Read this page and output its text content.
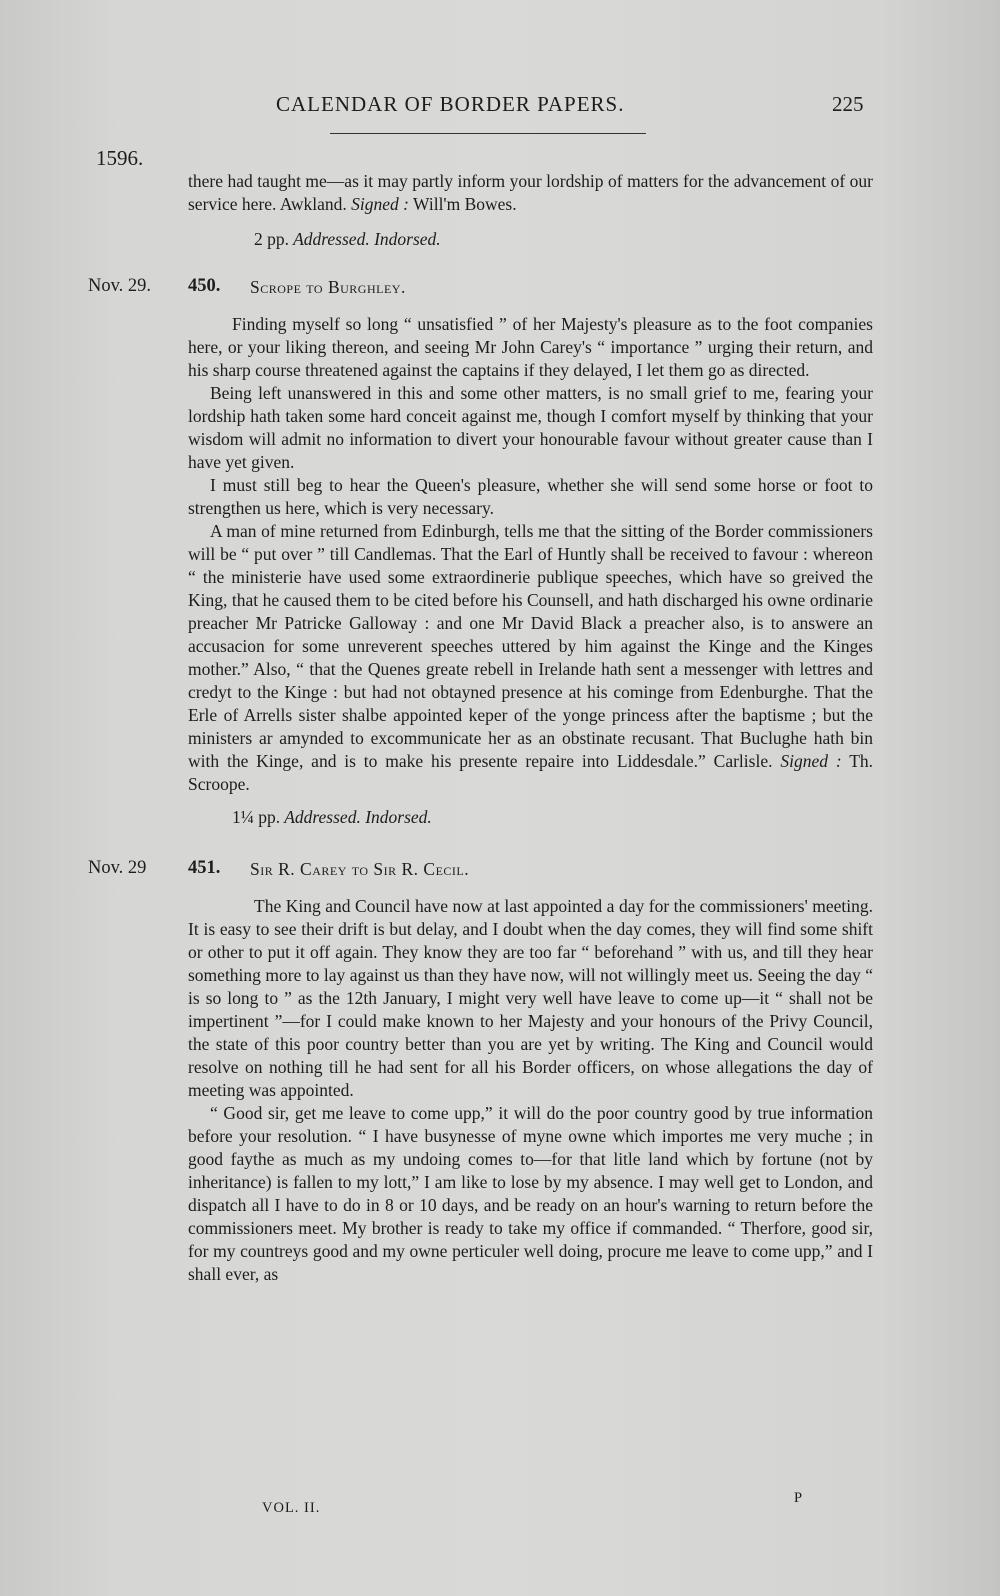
CALENDAR OF BORDER PAPERS.	225
1596.

there had taught me—as it may partly inform your lordship of matters for the advancement of our service here. Awkland. Signed : Will'm Bowes.

2 pp. Addressed. Indorsed.

Nov. 29. 450. Scrope to Burghley.

Finding myself so long “ unsatisfied ” of her Majesty's pleasure as to the foot companies here, or your liking thereon, and seeing Mr John Carey's “ importance ” urging their return, and his sharp course threatened against the captains if they delayed, I let them go as directed.

Being left unanswered in this and some other matters, is no small grief to me, fearing your lordship hath taken some hard conceit against me, though I comfort myself by thinking that your wisdom will admit no information to divert your honourable favour without greater cause than I have yet given.

I must still beg to hear the Queen's pleasure, whether she will send some horse or foot to strengthen us here, which is very necessary.

A man of mine returned from Edinburgh, tells me that the sitting of the Border commissioners will be “ put over ” till Candlemas. That the Earl of Huntly shall be received to favour : whereon “ the ministerie have used some extraordinerie publique speeches, which have so greived the King, that he caused them to be cited before his Counsell, and hath discharged his owne ordinarie preacher Mr Patricke Galloway : and one Mr David Black a preacher also, is to answere an accusacion for some unreverent speeches uttered by him against the Kinge and the Kinges mother.” Also, “ that the Quenes greate rebell in Irelande hath sent a messenger with lettres and credyt to the Kinge : but had not obtayned presence at his cominge from Edenburghe. That the Erle of Arrells sister shalbe appointed keper of the yonge princess after the baptisme ; but the ministers ar amynded to excommunicate her as an obstinate recusant. That Buclughe hath bin with the Kinge, and is to make his presente repaire into Liddesdale.” Carlisle. Signed : Th. Scroope.

1¼ pp. Addressed. Indorsed.

Nov. 29 451. Sir R. Carey to Sir R. Cecil.

The King and Council have now at last appointed a day for the commissioners' meeting. It is easy to see their drift is but delay, and I doubt when the day comes, they will find some shift or other to put it off again. They know they are too far “ beforehand ” with us, and till they hear something more to lay against us than they have now, will not willingly meet us. Seeing the day “ is so long to ” as the 12th January, I might very well have leave to come up—it “ shall not be impertinent ”—for I could make known to her Majesty and your honours of the Privy Council, the state of this poor country better than you are yet by writing. The King and Council would resolve on nothing till he had sent for all his Border officers, on whose allegations the day of meeting was appointed.

“ Good sir, get me leave to come upp,” it will do the poor country good by true information before your resolution. “ I have busynesse of myne owne which importes me very muche ; in good faythe as much as my undoing comes to—for that litle land which by fortune (not by inheritance) is fallen to my lott,” I am like to lose by my absence. I may well get to London, and dispatch all I have to do in 8 or 10 days, and be ready on an hour's warning to return before the commissioners meet. My brother is ready to take my office if commanded. “ Therfore, good sir, for my countreys good and my owne perticuler well doing, procure me leave to come upp,” and I shall ever, as

VOL. II.
P
